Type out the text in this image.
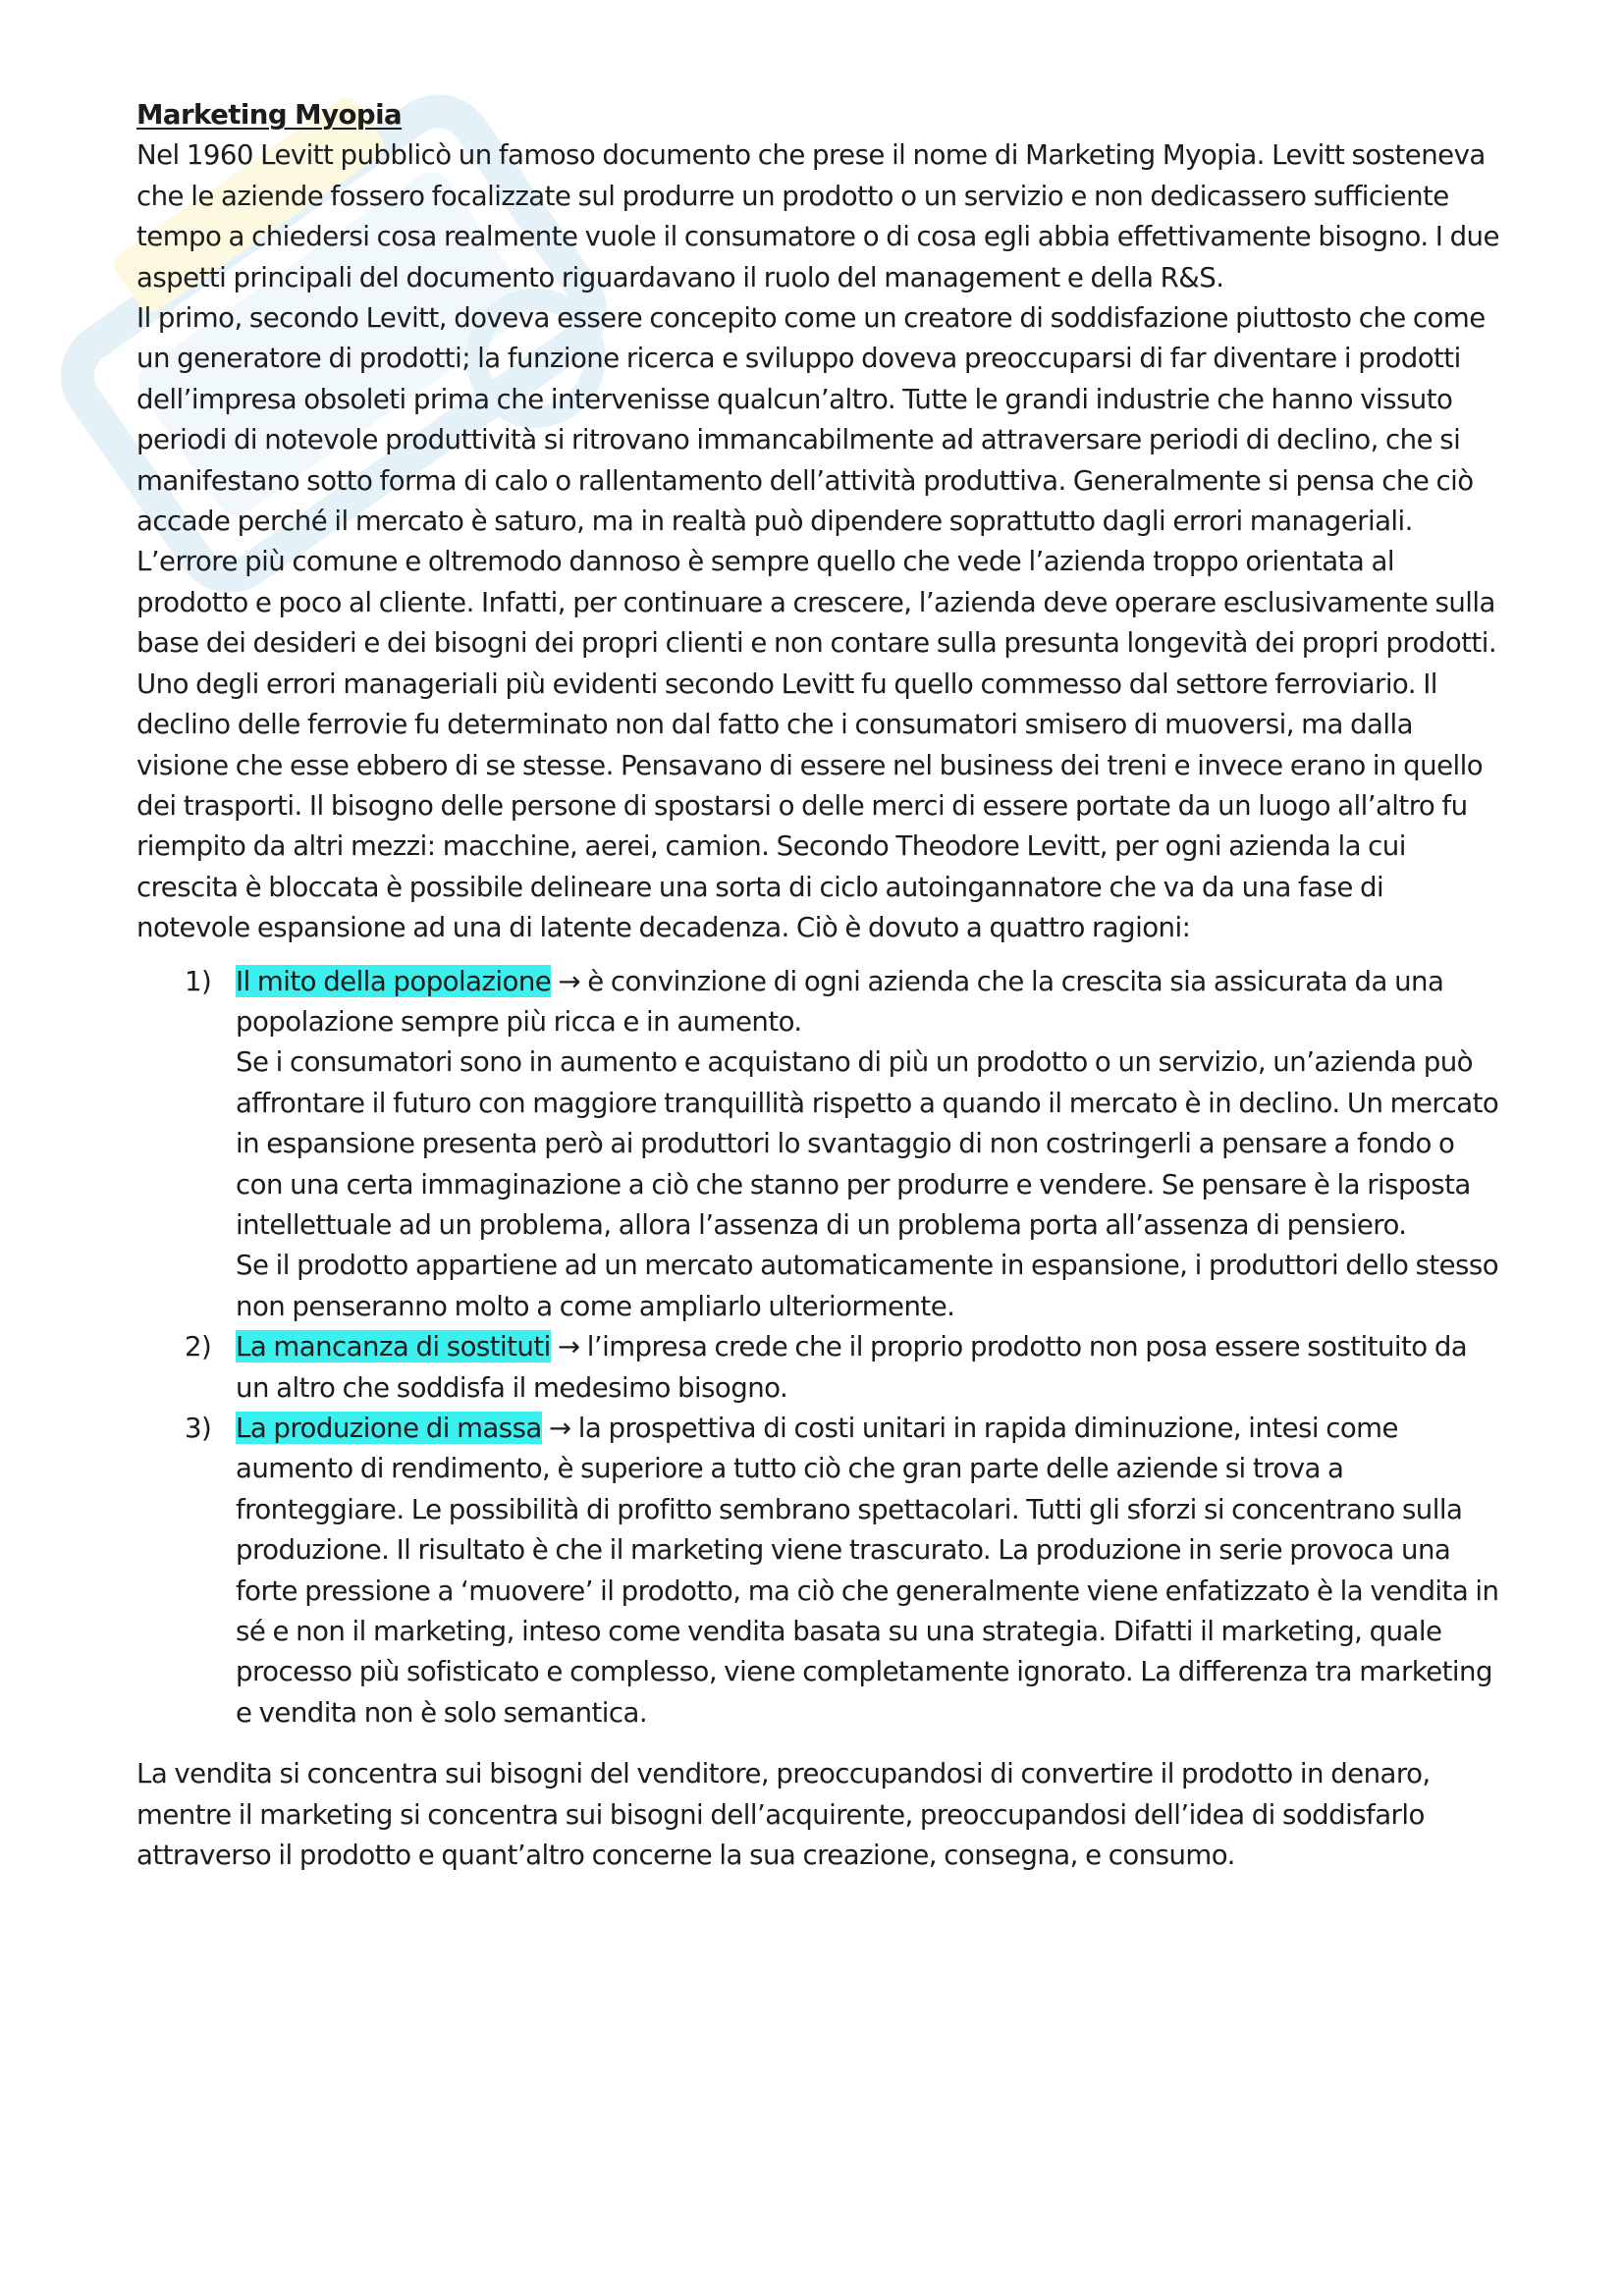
Marketing Myopia

Nel 1960 Levitt pubblicò un famoso documento che prese il nome di Marketing Myopia. Levitt sosteneva che le aziende fossero focalizzate sul produrre un prodotto o un servizio e non dedicassero sufficiente tempo a chiedersi cosa realmente vuole il consumatore o di cosa egli abbia effettivamente bisogno. I due aspetti principali del documento riguardavano il ruolo del management e della R&S.

Il primo, secondo Levitt, doveva essere concepito come un creatore di soddisfazione piuttosto che come un generatore di prodotti; la funzione ricerca e sviluppo doveva preoccuparsi di far diventare i prodotti dell’impresa obsoleti prima che intervenisse qualcun’altro. Tutte le grandi industrie che hanno vissuto periodi di notevole produttività si ritrovano immancabilmente ad attraversare periodi di declino, che si manifestano sotto forma di calo o rallentamento dell’attività produttiva. Generalmente si pensa che ciò accade perché il mercato è saturo, ma in realtà può dipendere soprattutto dagli errori manageriali. L’errore più comune e oltremodo dannoso è sempre quello che vede l’azienda troppo orientata al prodotto e poco al cliente. Infatti, per continuare a crescere, l’azienda deve operare esclusivamente sulla base dei desideri e dei bisogni dei propri clienti e non contare sulla presunta longevità dei propri prodotti. Uno degli errori manageriali più evidenti secondo Levitt fu quello commesso dal settore ferroviario. Il declino delle ferrovie fu determinato non dal fatto che i consumatori smisero di muoversi, ma dalla visione che esse ebbero di se stesse. Pensavano di essere nel business dei treni e invece erano in quello dei trasporti. Il bisogno delle persone di spostarsi o delle merci di essere portate da un luogo all’altro fu riempito da altri mezzi: macchine, aerei, camion. Secondo Theodore Levitt, per ogni azienda la cui crescita è bloccata è possibile delineare una sorta di ciclo autoingannatore che va da una fase di notevole espansione ad una di latente decadenza. Ciò è dovuto a quattro ragioni:

1) Il mito della popolazione → è convinzione di ogni azienda che la crescita sia assicurata da una popolazione sempre più ricca e in aumento.
Se i consumatori sono in aumento e acquistano di più un prodotto o un servizio, un’azienda può affrontare il futuro con maggiore tranquillità rispetto a quando il mercato è in declino. Un mercato in espansione presenta però ai produttori lo svantaggio di non costringerli a pensare a fondo o con una certa immaginazione a ciò che stanno per produrre e vendere. Se pensare è la risposta intellettuale ad un problema, allora l’assenza di un problema porta all’assenza di pensiero.
Se il prodotto appartiene ad un mercato automaticamente in espansione, i produttori dello stesso non penseranno molto a come ampliarlo ulteriormente.
2) La mancanza di sostituti → l’impresa crede che il proprio prodotto non posa essere sostituito da un altro che soddisfa il medesimo bisogno.
3) La produzione di massa → la prospettiva di costi unitari in rapida diminuzione, intesi come aumento di rendimento, è superiore a tutto ciò che gran parte delle aziende si trova a fronteggiare. Le possibilità di profitto sembrano spettacolari. Tutti gli sforzi si concentrano sulla produzione. Il risultato è che il marketing viene trascurato. La produzione in serie provoca una forte pressione a ‘muovere’ il prodotto, ma ciò che generalmente viene enfatizzato è la vendita in sé e non il marketing, inteso come vendita basata su una strategia. Difatti il marketing, quale processo più sofisticato e complesso, viene completamente ignorato. La differenza tra marketing e vendita non è solo semantica.

La vendita si concentra sui bisogni del venditore, preoccupandosi di convertire il prodotto in denaro, mentre il marketing si concentra sui bisogni dell’acquirente, preoccupandosi dell’idea di soddisfarlo attraverso il prodotto e quant’altro concerne la sua creazione, consegna, e consumo.
